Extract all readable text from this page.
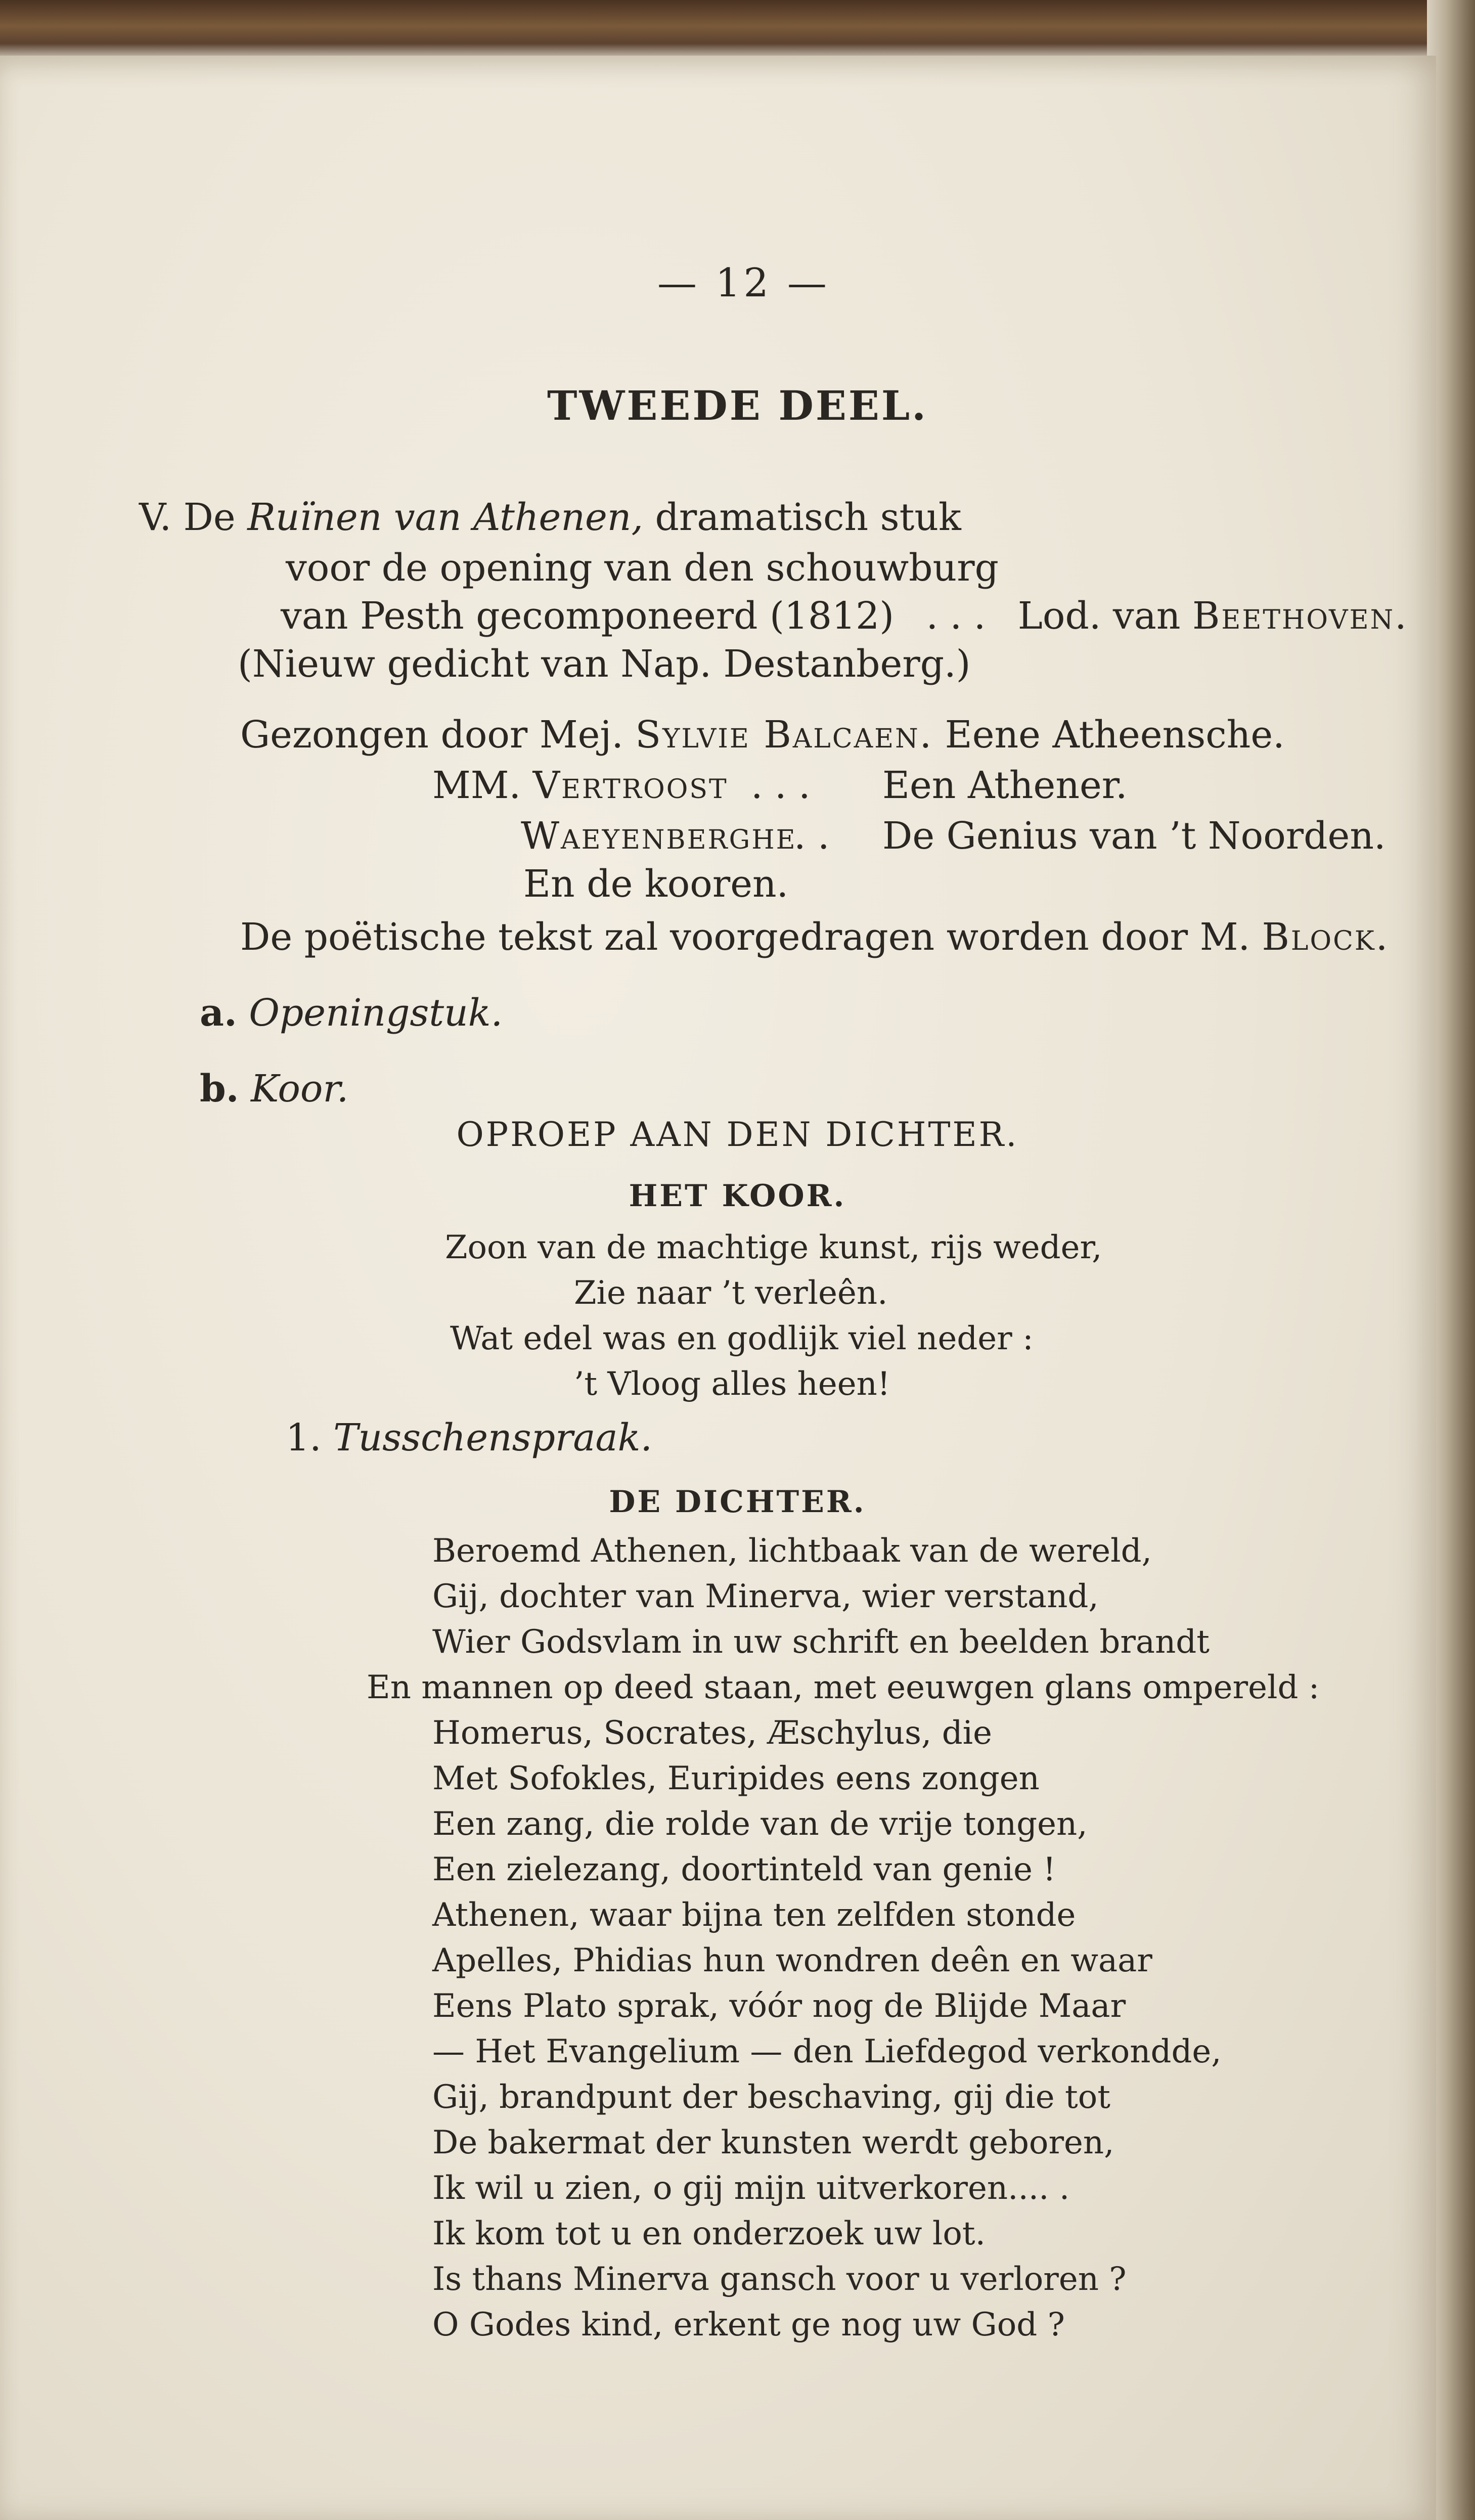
— 12 —
TWEEDE DEEL.
V. De Ruïnen van Athenen, dramatisch stuk
voor de opening van den schouwburg
van Pesth gecomponeerd (1812) . . . Lod. van Beethoven.
(Nieuw gedicht van Nap. Destanberg.)
Gezongen door Mej. Sylvie Balcaen. Eene Atheensche.
MM. Vertroost . . . Een Athener.
Waeyenberghe
. . De Genius van ’t Noorden.
En de kooren.
De poëtische tekst zal voorgedragen worden door M. Block.
a. Openingstuk.
b. Koor.
OPROEP AAN DEN DICHTER.
HET KOOR.
Zoon van de machtige kunst, rijs weder,
Zie naar ’t verleên.
Wat edel was en godlijk viel neder :
’t Vloog alles heen!
1. Tusschenspraak.
DE DICHTER.
Beroemd Athenen, lichtbaak van de wereld,
Gij, dochter van Minerva, wier verstand,
Wier Godsvlam in uw schrift en beelden brandt
En mannen op deed staan, met eeuwgen glans ompereld :
Homerus, Socrates, Æschylus, die
Met Sofokles, Euripides eens zongen
Een zang, die rolde van de vrije tongen,
Een zielezang, doortinteld van genie !
Athenen, waar bijna ten zelfden stonde
Apelles, Phidias hun wondren deên en waar
Eens Plato sprak, vóór nog de Blijde Maar
— Het Evangelium — den Liefdegod verkondde,
Gij, brandpunt der beschaving, gij die tot
De bakermat der kunsten werdt geboren,
Ik wil u zien, o gij mijn uitverkoren.... .
Ik kom tot u en onderzoek uw lot.
Is thans Minerva gansch voor u verloren ?
O Godes kind, erkent ge nog uw God ?
